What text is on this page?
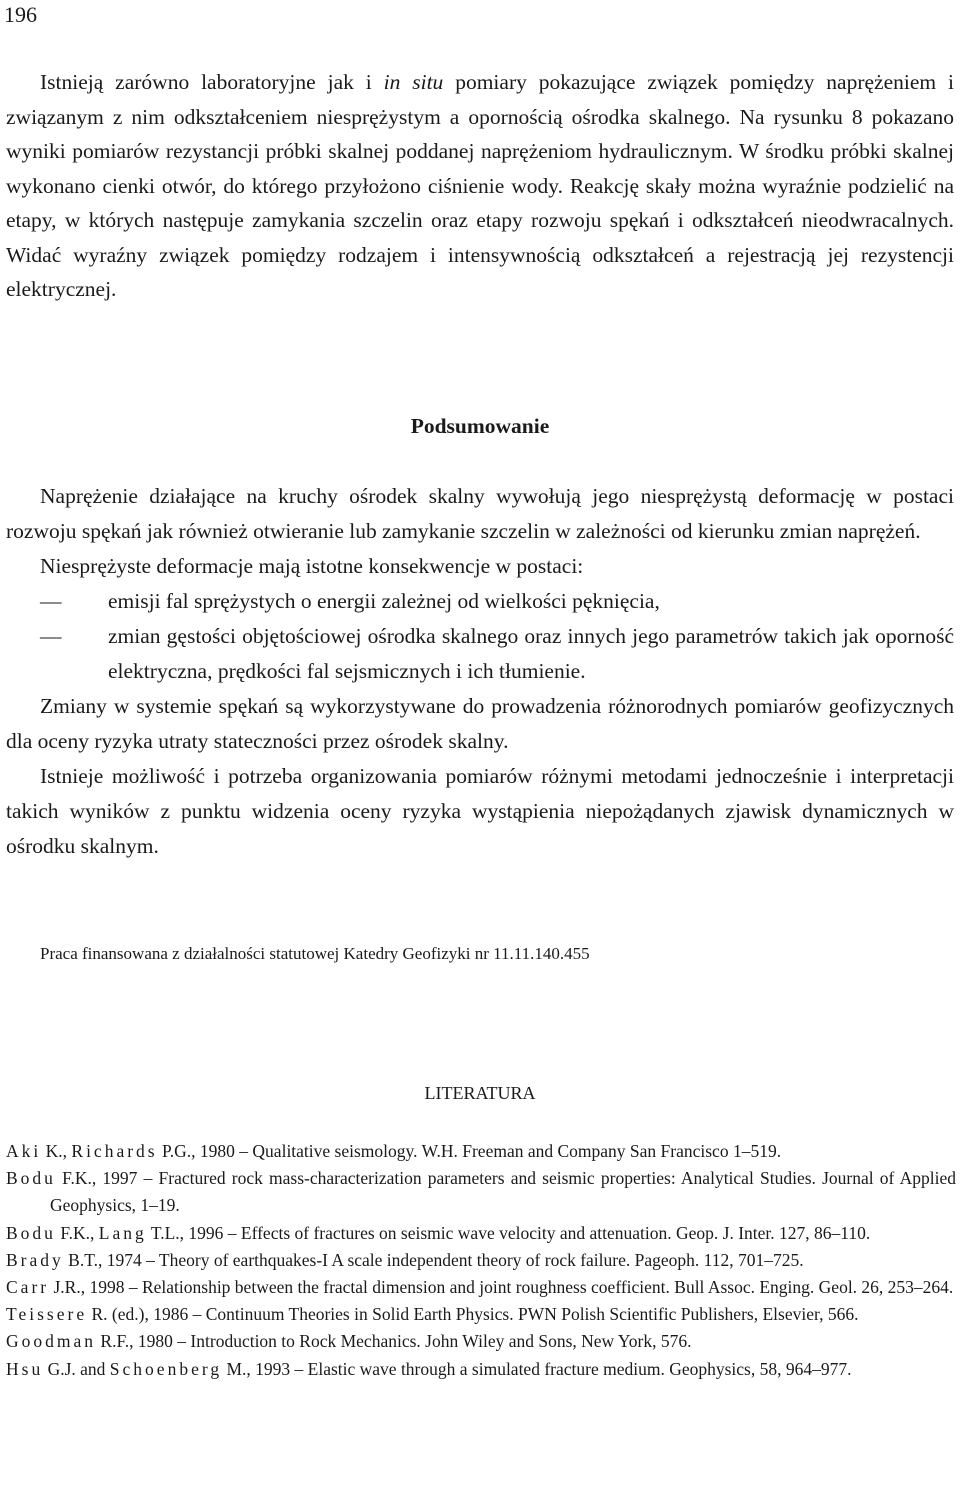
196

Istnieją zarówno laboratoryjne jak i in situ pomiary pokazujące związek pomiędzy naprężeniem i związanym z nim odkształceniem niesprężystym a opornością ośrodka skalnego. Na rysunku 8 pokazano wyniki pomiarów rezystancji próbki skalnej poddanej naprężeniom hydraulicznym. W środku próbki skalnej wykonano cienki otwór, do którego przyłożono ciśnienie wody. Reakcję skały można wyraźnie podzielić na etapy, w których następuje zamykania szczelin oraz etapy rozwoju spękań i odkształceń nieodwracalnych. Widać wyraźny związek pomiędzy rodzajem i intensywnością odkształceń a rejestracją jej rezystencji elektrycznej.

Podsumowanie

Naprężenie działające na kruchy ośrodek skalny wywołują jego niesprężystą deformację w postaci rozwoju spękań jak również otwieranie lub zamykanie szczelin w zależności od kierunku zmian naprężeń.

Niesprężyste deformacje mają istotne konsekwencje w postaci:

—	emisji fal sprężystych o energii zależnej od wielkości pęknięcia,
—	zmian gęstości objętościowej ośrodka skalnego oraz innych jego parametrów takich jak oporność elektryczna, prędkości fal sejsmicznych i ich tłumienie.

Zmiany w systemie spękań są wykorzystywane do prowadzenia różnorodnych pomiarów geofizycznych dla oceny ryzyka utraty stateczności przez ośrodek skalny.

Istnieje możliwość i potrzeba organizowania pomiarów różnymi metodami jednocześnie i interpretacji takich wyników z punktu widzenia oceny ryzyka wystąpienia niepożądanych zjawisk dynamicznych w ośrodku skalnym.

Praca finansowana z działalności statutowej Katedry Geofizyki nr 11.11.140.455
LITERATURA
Aki K., Richards P.G., 1980 – Qualitative seismology. W.H. Freeman and Company San Francisco 1–519.
Bodu F.K., 1997 – Fractured rock mass-characterization parameters and seismic properties: Analytical Studies. Journal of Applied Geophysics, 1–19.
Bodu F.K., Lang T.L., 1996 – Effects of fractures on seismic wave velocity and attenuation. Geop. J. Inter. 127, 86–110.
Brady B.T., 1974 – Theory of earthquakes-I A scale independent theory of rock failure. Pageoph. 112, 701–725.
Carr J.R., 1998 – Relationship between the fractal dimension and joint roughness coefficient. Bull Assoc. Enging. Geol. 26, 253–264.
Teissere R. (ed.), 1986 – Continuum Theories in Solid Earth Physics. PWN Polish Scientific Publishers, Elsevier, 566.
Goodman R.F., 1980 – Introduction to Rock Mechanics. John Wiley and Sons, New York, 576.
Hsu G.J. and Schoenberg M., 1993 – Elastic wave through a simulated fracture medium. Geophysics, 58, 964–977.
